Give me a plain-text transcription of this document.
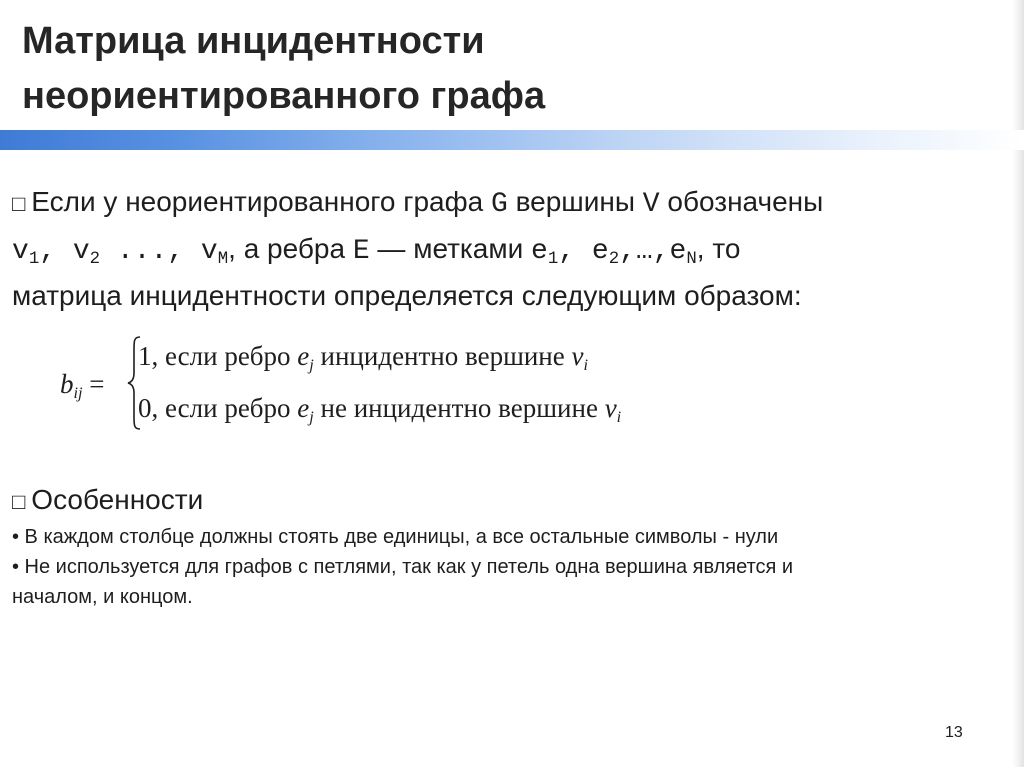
Матрица инцидентности
неориентированного графа
□ Если у неориентированного графа G вершины V обозначены
$v_1$, $v_2$ ..., $v_M$, а ребра E — метками $e_1$, $e_2,\dots,e_N$, то
матрица инцидентности определяется следующим образом:
$b_{ij}$ =
1, если ребро $e_j$ инцидентно вершине $v_i$
0, если ребро $e_j$ не инцидентно вершине $v_i$
□ Особенности
• В каждом столбце должны стоять две единицы, а все остальные символы - нули
• Не используется для графов с петлями, так как у петель одна вершина является и
началом, и концом.
13
